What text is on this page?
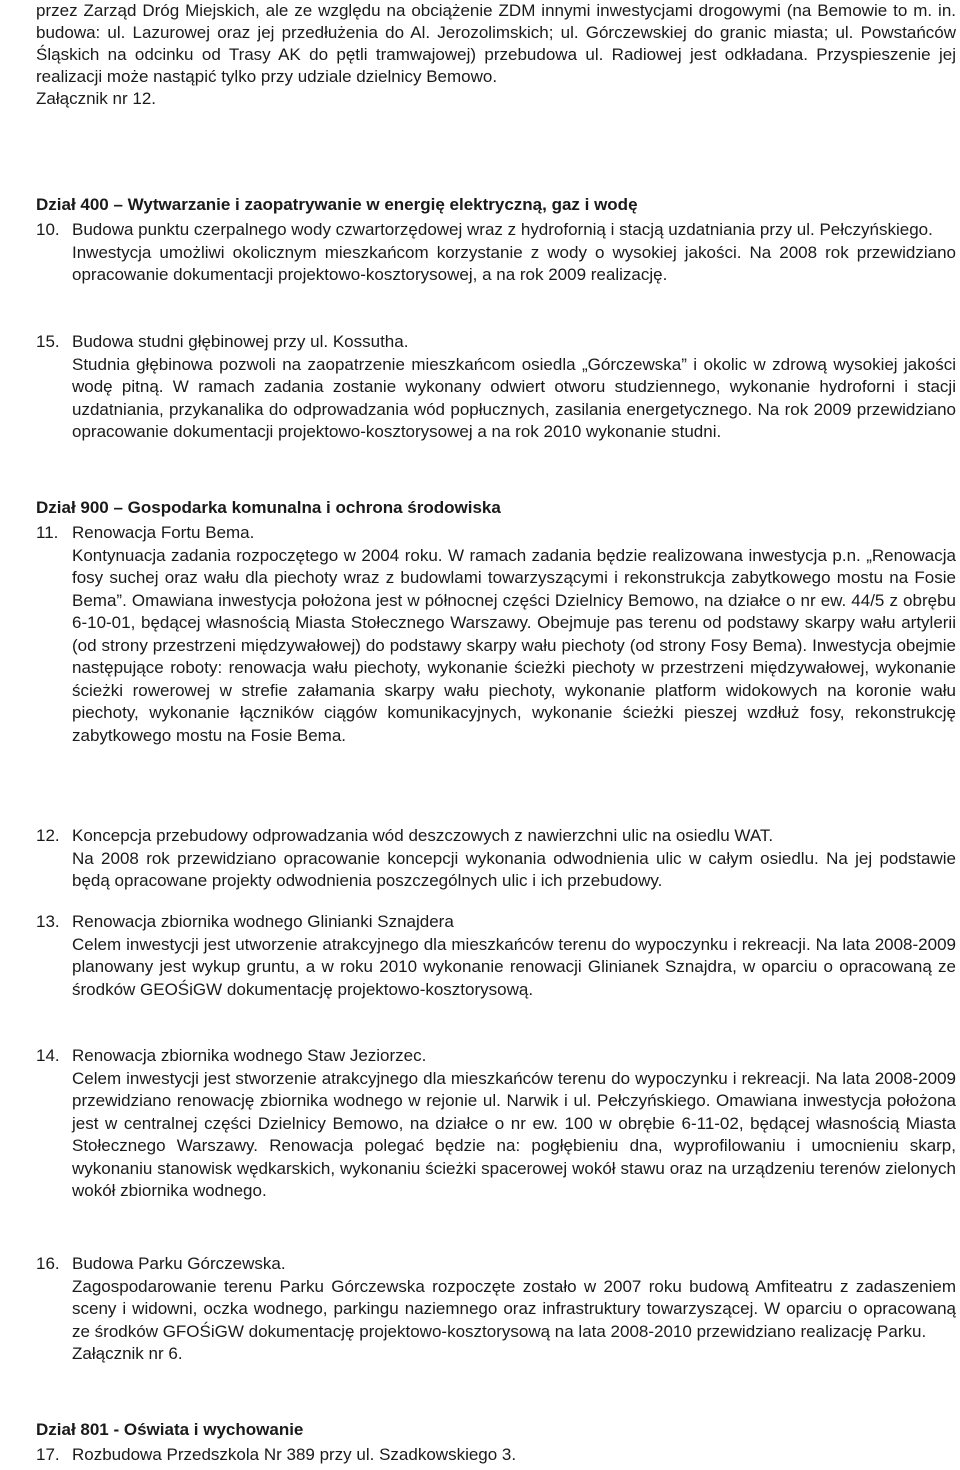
przez Zarząd Dróg Miejskich, ale ze względu na obciążenie ZDM innymi inwestycjami drogowymi (na Bemowie to m. in. budowa: ul. Lazurowej oraz jej przedłużenia do Al. Jerozolimskich; ul. Górczewskiej do granic miasta; ul. Powstańców Śląskich na odcinku od Trasy AK do pętli tramwajowej) przebudowa ul. Radiowej jest odkładana. Przyspieszenie jej realizacji może nastąpić tylko przy udziale dzielnicy Bemowo.

Załącznik nr 12.

Dział 400 – Wytwarzanie i zaopatrywanie w energię elektryczną, gaz i wodę
10. Budowa punktu czerpalnego wody czwartorzędowej wraz z hydrofornią i stacją uzdatniania przy ul. Pełczyńskiego.

Inwestycja umożliwi okolicznym mieszkańcom korzystanie z wody o wysokiej jakości. Na 2008 rok przewidziano opracowanie dokumentacji projektowo-kosztorysowej, a na rok 2009 realizację.

15. Budowa studni głębinowej przy ul. Kossutha.

Studnia głębinowa pozwoli na zaopatrzenie mieszkańcom osiedla „Górczewska” i okolic w zdrową wysokiej jakości wodę pitną. W ramach zadania zostanie wykonany odwiert otworu studziennego, wykonanie hydroforni i stacji uzdatniania, przykanalika do odprowadzania wód popłucznych, zasilania energetycznego. Na rok 2009 przewidziano opracowanie dokumentacji projektowo-kosztorysowej a na rok 2010 wykonanie studni.

Dział 900 – Gospodarka komunalna i ochrona środowiska
11. Renowacja Fortu Bema.

Kontynuacja zadania rozpoczętego w 2004 roku. W ramach zadania będzie realizowana inwestycja p.n. „Renowacja fosy suchej oraz wału dla piechoty wraz z budowlami towarzyszącymi i rekonstrukcja zabytkowego mostu na Fosie Bema”. Omawiana inwestycja położona jest w północnej części Dzielnicy Bemowo, na działce o nr ew. 44/5 z obrębu 6-10-01, będącej własnością Miasta Stołecznego Warszawy. Obejmuje pas terenu od podstawy skarpy wału artylerii (od strony przestrzeni międzywałowej) do podstawy skarpy wału piechoty (od strony Fosy Bema). Inwestycja obejmie następujące roboty: renowacja wału piechoty, wykonanie ścieżki piechoty w przestrzeni międzywałowej, wykonanie ścieżki rowerowej w strefie załamania skarpy wału piechoty, wykonanie platform widokowych na koronie wału piechoty, wykonanie łączników ciągów komunikacyjnych, wykonanie ścieżki pieszej wzdłuż fosy, rekonstrukcję zabytkowego mostu na Fosie Bema.

12. Koncepcja przebudowy odprowadzania wód deszczowych z nawierzchni ulic na osiedlu WAT.

Na 2008 rok przewidziano opracowanie koncepcji wykonania odwodnienia ulic w całym osiedlu. Na jej podstawie będą opracowane projekty odwodnienia poszczególnych ulic i ich przebudowy.

13. Renowacja zbiornika wodnego Glinianki Sznajdera

Celem inwestycji jest utworzenie atrakcyjnego dla mieszkańców terenu do wypoczynku i rekreacji. Na lata 2008-2009 planowany jest wykup gruntu, a w roku 2010 wykonanie renowacji Glinianek Sznajdra, w oparciu o opracowaną ze środków GEOŚiGW dokumentację projektowo-kosztorysową.

14. Renowacja zbiornika wodnego Staw Jeziorzec.

Celem inwestycji jest stworzenie atrakcyjnego dla mieszkańców terenu do wypoczynku i rekreacji. Na lata 2008-2009 przewidziano renowację zbiornika wodnego w rejonie ul. Narwik i ul. Pełczyńskiego. Omawiana inwestycja położona jest w centralnej części Dzielnicy Bemowo, na działce o nr ew. 100 w obrębie 6-11-02, będącej własnością Miasta Stołecznego Warszawy. Renowacja polegać będzie na: pogłębieniu dna, wyprofilowaniu i umocnieniu skarp, wykonaniu stanowisk wędkarskich, wykonaniu ścieżki spacerowej wokół stawu oraz na urządzeniu terenów zielonych wokół zbiornika wodnego.

16. Budowa Parku Górczewska.

Zagospodarowanie terenu Parku Górczewska rozpoczęte zostało w 2007 roku budową Amfiteatru z zadaszeniem sceny i widowni, oczka wodnego, parkingu naziemnego oraz infrastruktury towarzyszącej. W oparciu o opracowaną ze środków GFOŚiGW dokumentację projektowo-kosztorysową na lata 2008-2010 przewidziano realizację Parku.

Załącznik nr 6.

Dział 801 - Oświata i wychowanie
17. Rozbudowa Przedszkola Nr 389 przy ul. Szadkowskiego 3.
